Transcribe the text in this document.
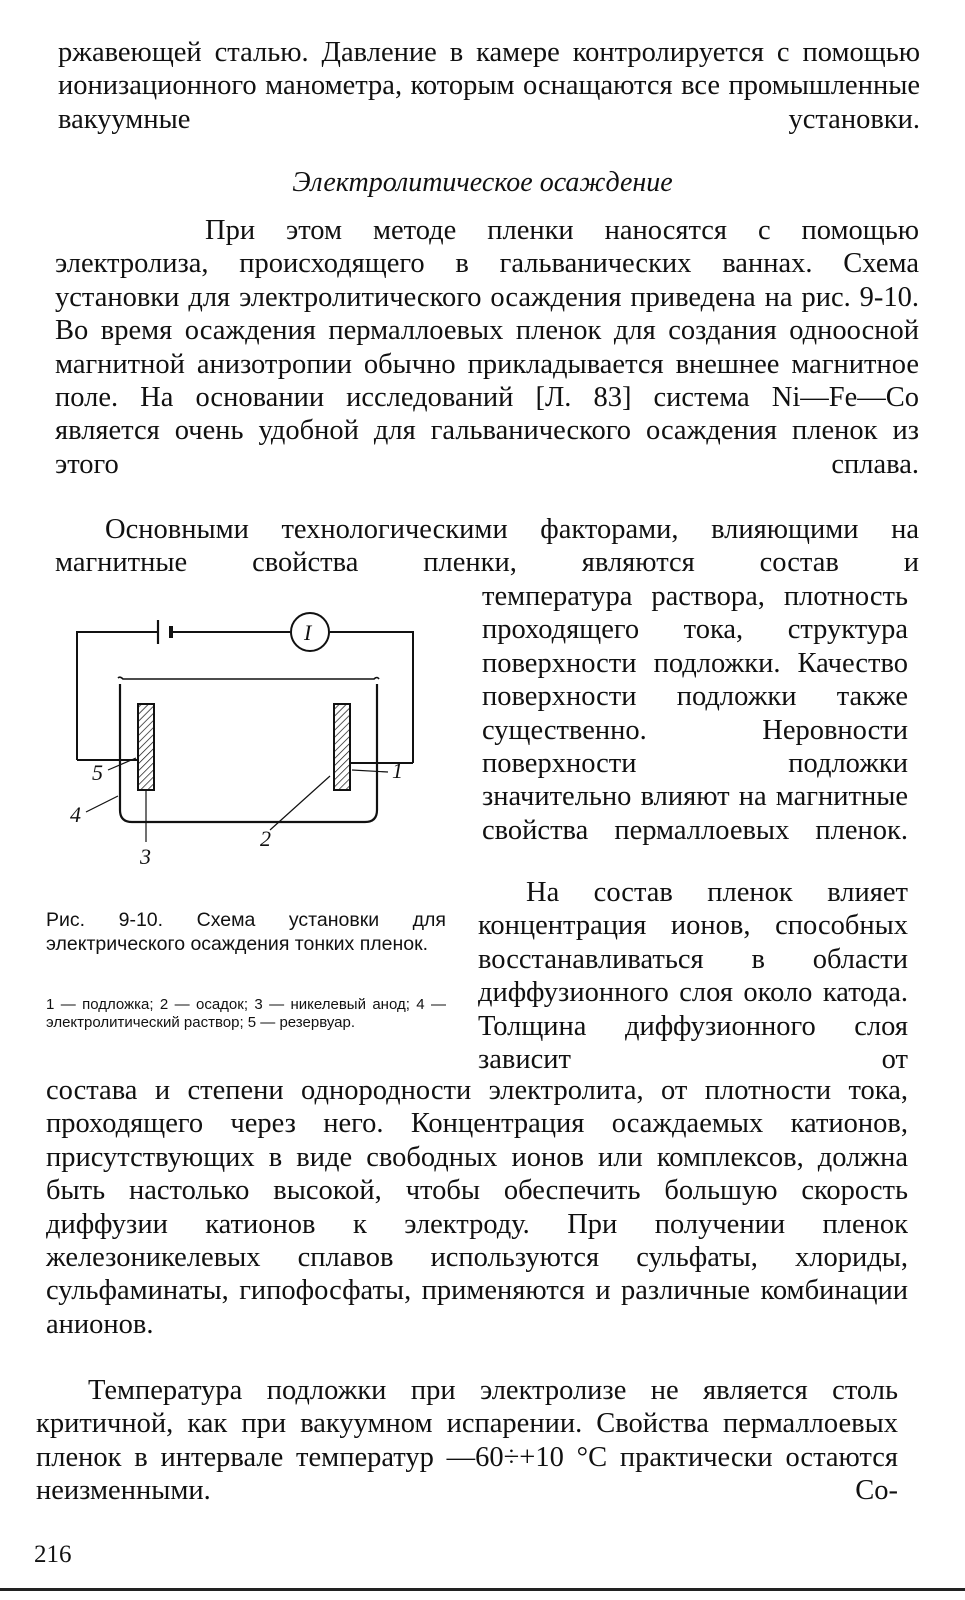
ржавеющей сталью. Давление в камере контролируется с помощью ионизационного манометра, которым оснащаются все промышленные вакуумные установки.

Электролитическое осаждение

При этом методе пленки наносятся с помощью электролиза, происходящего в гальванических ваннах. Схема установки для электролитического осаждения приведена на рис. 9-10. Во время осаждения пермаллоевых пленок для создания одноосной магнитной анизотропии обычно прикладывается внешнее магнитное поле. На основании исследований [Л. 83] система Ni—Fe—Co является очень удобной для гальванического осаждения пленок из этого сплава.

Основными технологическими факторами, влияющими на магнитные свойства пленки, являются состав и

температура раствора, плотность проходящего тока, структура поверхности подложки. Качество поверхности подложки также существенно. Неровности поверхности подложки значительно влияют на магнитные свойства пермаллоевых пленок.

На состав пленок влияет концентрация ионов, способных восстанавливаться в области диффузионного слоя около катода. Толщина диффузионного слоя зависит от

I
1
2
3
4
5

Рис. 9-10. Схема установки для электрического осаждения тонких пленок.

1 — подложка; 2 — осадок; 3 — никелевый анод; 4 — электролитический раствор; 5 — резервуар.

состава и степени однородности электролита, от плотности тока, проходящего через него. Концентрация осаждаемых катионов, присутствующих в виде свободных ионов или комплексов, должна быть настолько высокой, чтобы обеспечить большую скорость диффузии катионов к электроду. При получении пленок железоникелевых сплавов используются сульфаты, хлориды, сульфаминаты, гипофосфаты, применяются и различные комбинации анионов.

Температура подложки при электролизе не является столь критичной, как при вакуумном испарении. Свойства пермаллоевых пленок в интервале температур —60÷+10 °С практически остаются неизменными. Со-

216
